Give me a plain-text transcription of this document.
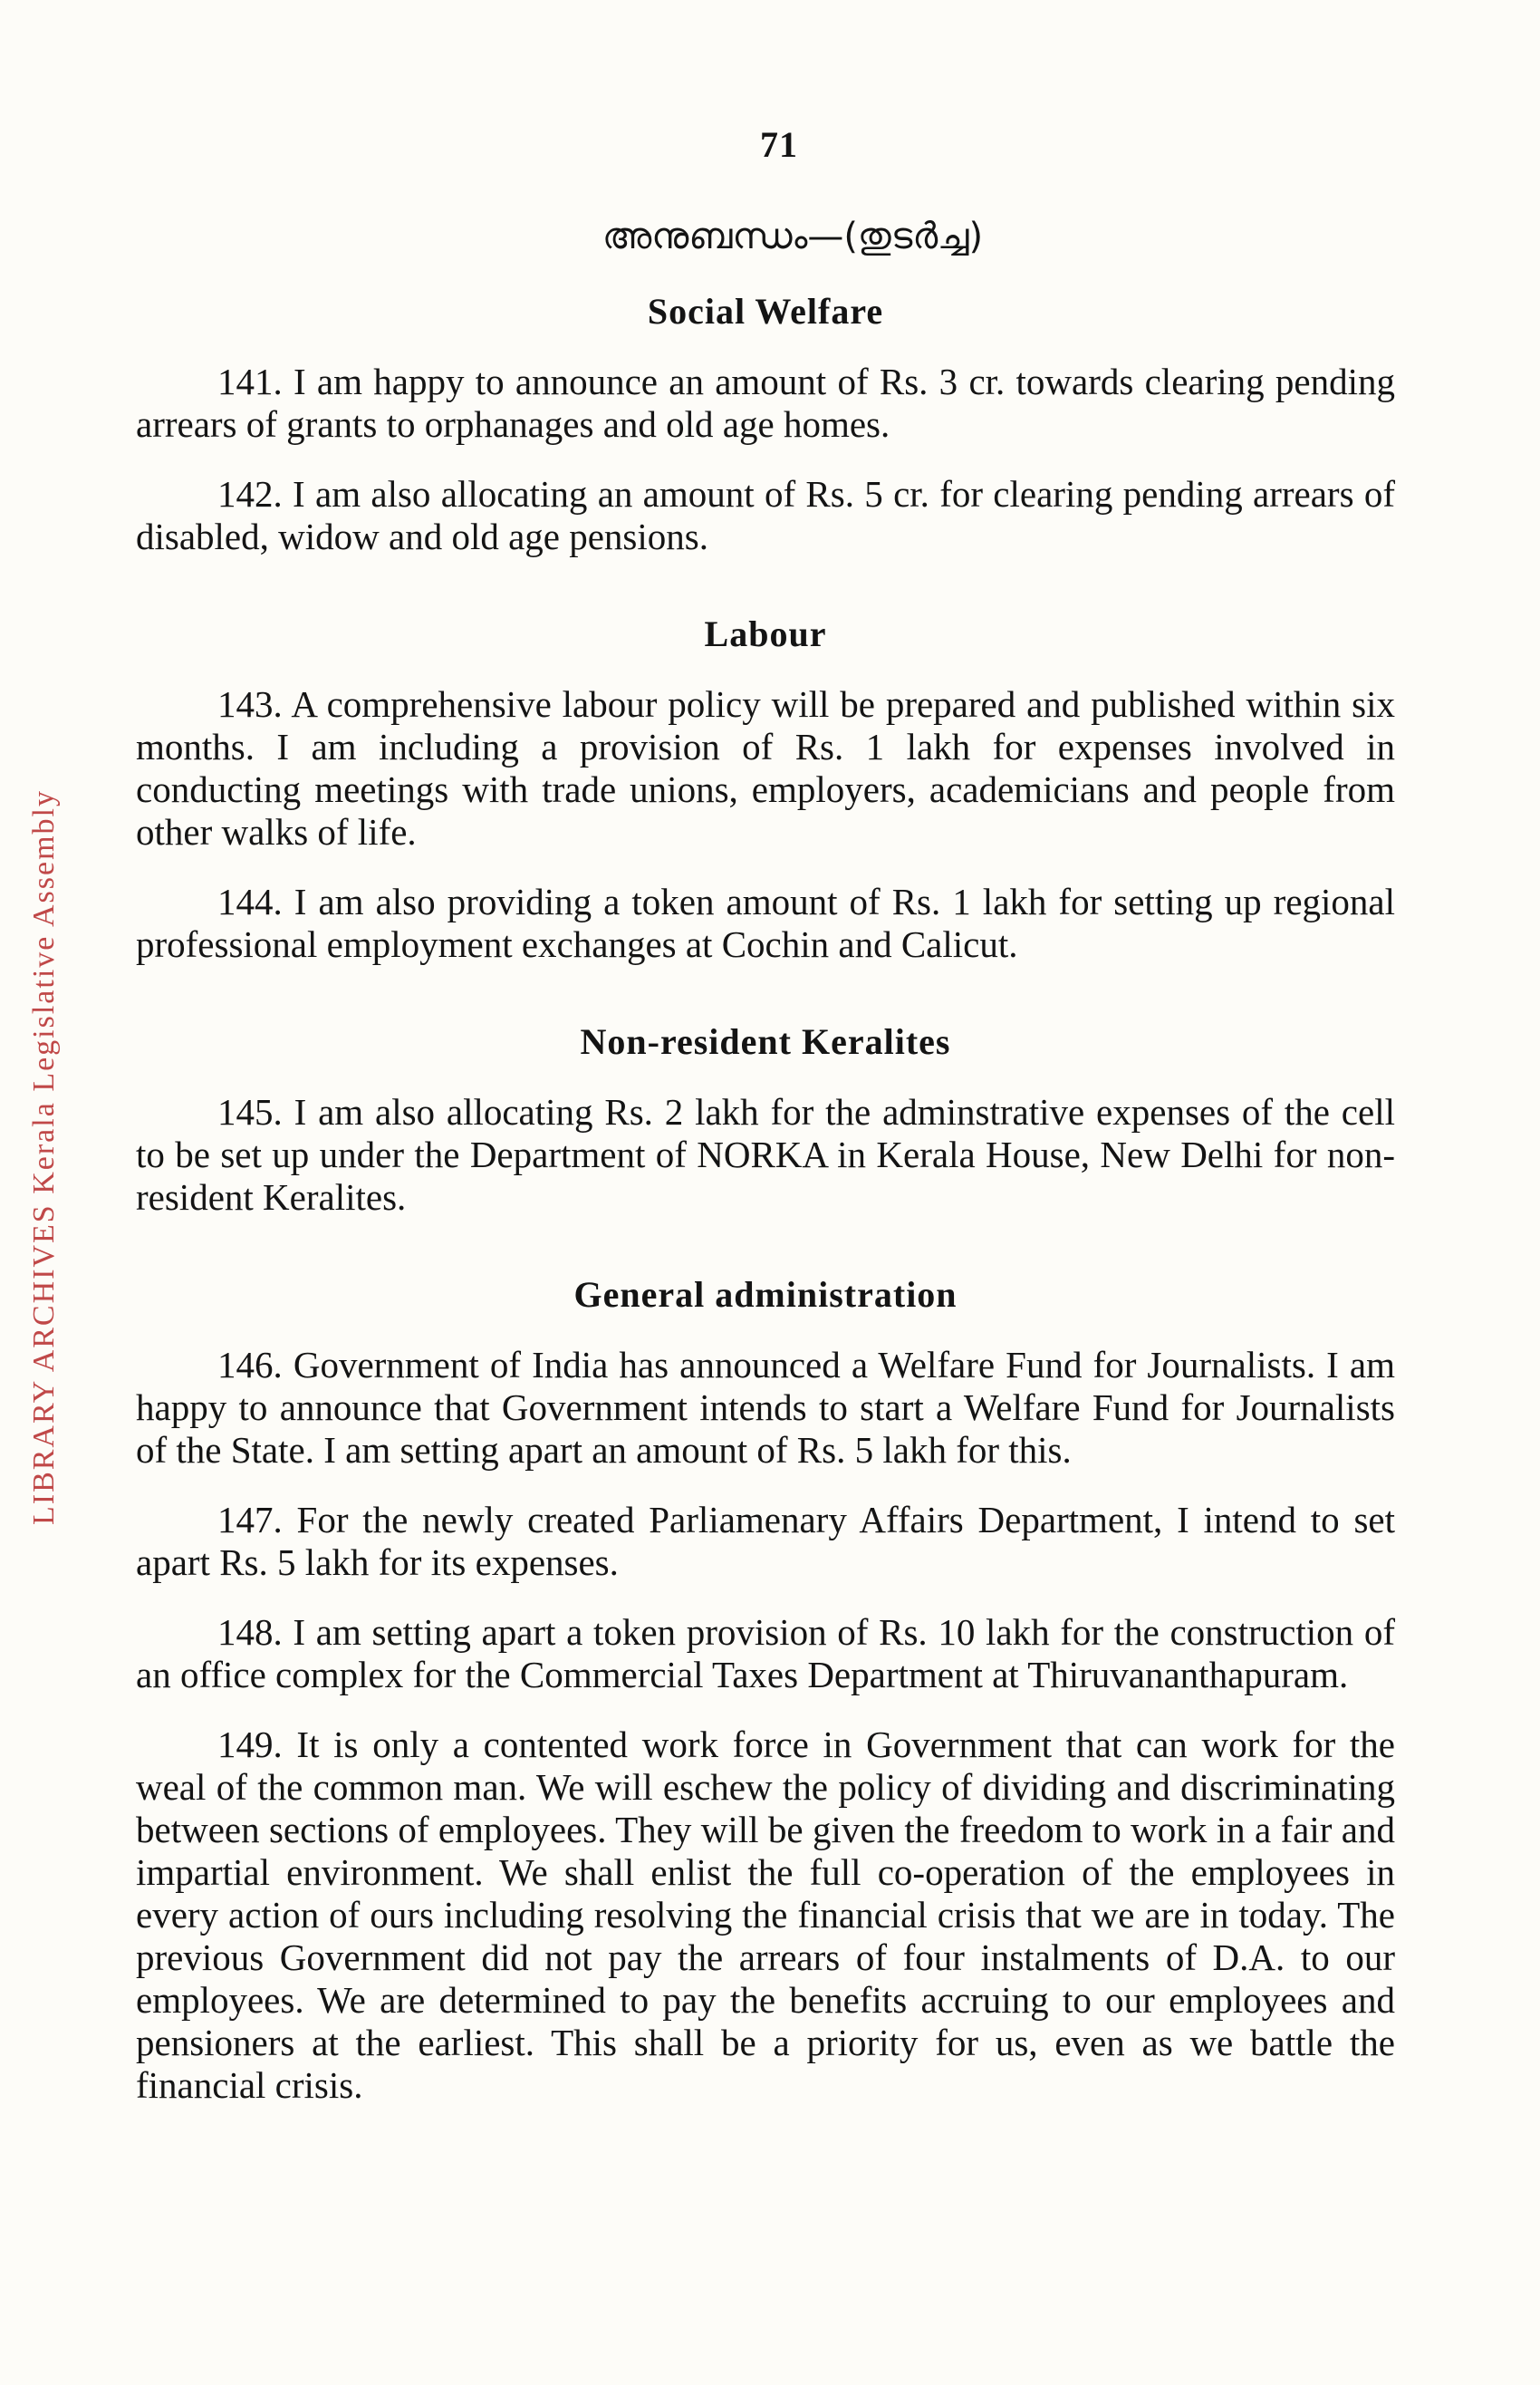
71
അനുബന്ധം—(തുടർച്ച)
LIBRARY ARCHIVES Kerala Legislative Assembly
Social Welfare

141. I am happy to announce an amount of Rs. 3 cr. towards clearing pending arrears of grants to orphanages and old age homes.

142. I am also allocating an amount of Rs. 5 cr. for clearing pending arrears of disabled, widow and old age pensions.

Labour

143. A comprehensive labour policy will be prepared and published within six months. I am including a provision of Rs. 1 lakh for expenses involved in conducting meetings with trade unions, employers, academicians and people from other walks of life.

144. I am also providing a token amount of Rs. 1 lakh for setting up regional professional employment exchanges at Cochin and Calicut.

Non-resident Keralites

145. I am also allocating Rs. 2 lakh for the adminstrative expenses of the cell to be set up under the Department of NORKA in Kerala House, New Delhi for non-resident Keralites.

General administration

146. Government of India has announced a Welfare Fund for Journalists. I am happy to announce that Government intends to start a Welfare Fund for Journalists of the State. I am setting apart an amount of Rs. 5 lakh for this.

147. For the newly created Parliamenary Affairs Department, I intend to set apart Rs. 5 lakh for its expenses.

148. I am setting apart a token provision of Rs. 10 lakh for the construction of an office complex for the Commercial Taxes Department at Thiruvananthapuram.

149. It is only a contented work force in Government that can work for the weal of the common man. We will eschew the policy of dividing and discriminating between sections of employees. They will be given the freedom to work in a fair and impartial environment. We shall enlist the full co-operation of the employees in every action of ours including resolving the financial crisis that we are in today. The previous Government did not pay the arrears of four instalments of D.A. to our employees. We are determined to pay the benefits accruing to our employees and pensioners at the earliest. This shall be a priority for us, even as we battle the financial crisis.
